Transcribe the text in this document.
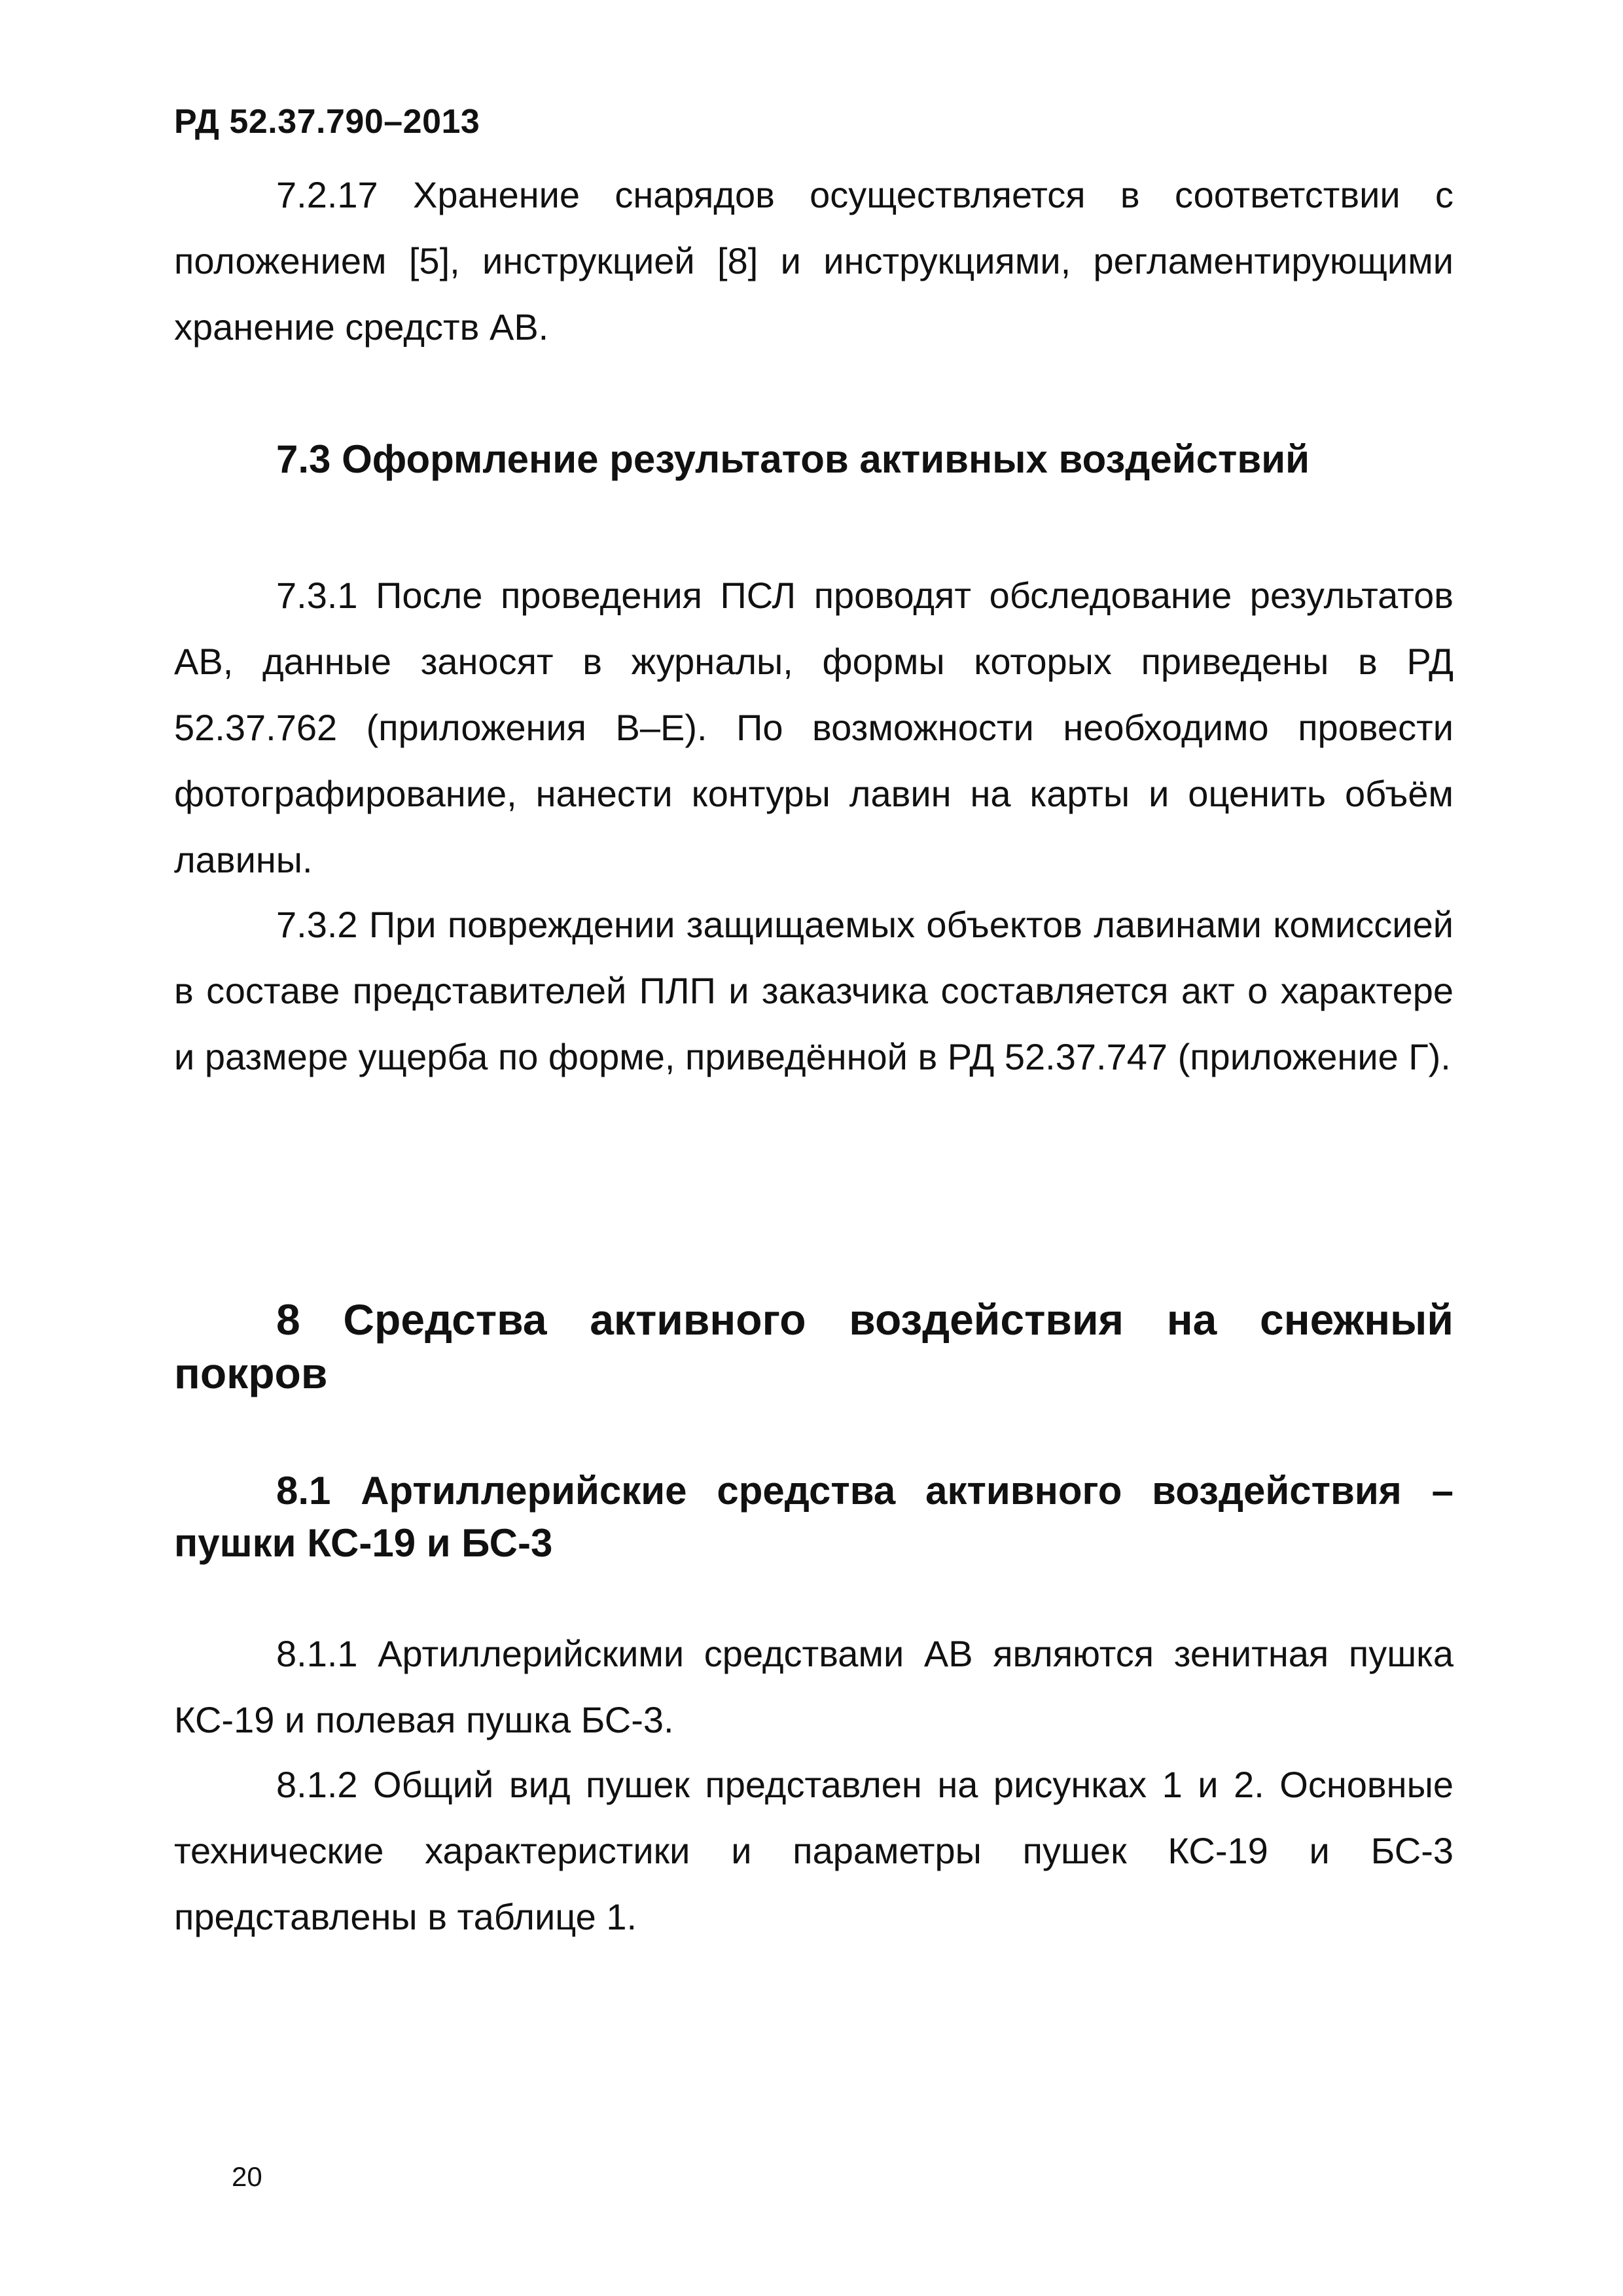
РД 52.37.790–2013

7.2.17 Хранение снарядов осуществляется в соответствии с положением [5], инструкцией [8] и инструкциями, регламентирующими хранение средств АВ.

7.3 Оформление результатов активных воздействий

7.3.1 После проведения ПСЛ проводят обследование результатов АВ, данные заносят в журналы, формы которых приведены в РД 52.37.762 (приложения В–Е). По возможности необходимо провести фотографирование, нанести контуры лавин на карты и оценить объём лавины.

7.3.2 При повреждении защищаемых объектов лавинами комиссией в составе представителей ПЛП и заказчика составляется акт о характере и размере ущерба по форме, приведённой в РД 52.37.747 (приложение Г).

8 Средства активного воздействия на снежный покров
8.1 Артиллерийские средства активного воздействия – пушки КС-19 и БС-3

8.1.1 Артиллерийскими средствами АВ являются зенитная пушка КС-19 и полевая пушка БС-3.

8.1.2 Общий вид пушек представлен на рисунках 1 и 2. Основные технические характеристики и параметры пушек КС-19 и БС-3 представлены в таблице 1.

20
